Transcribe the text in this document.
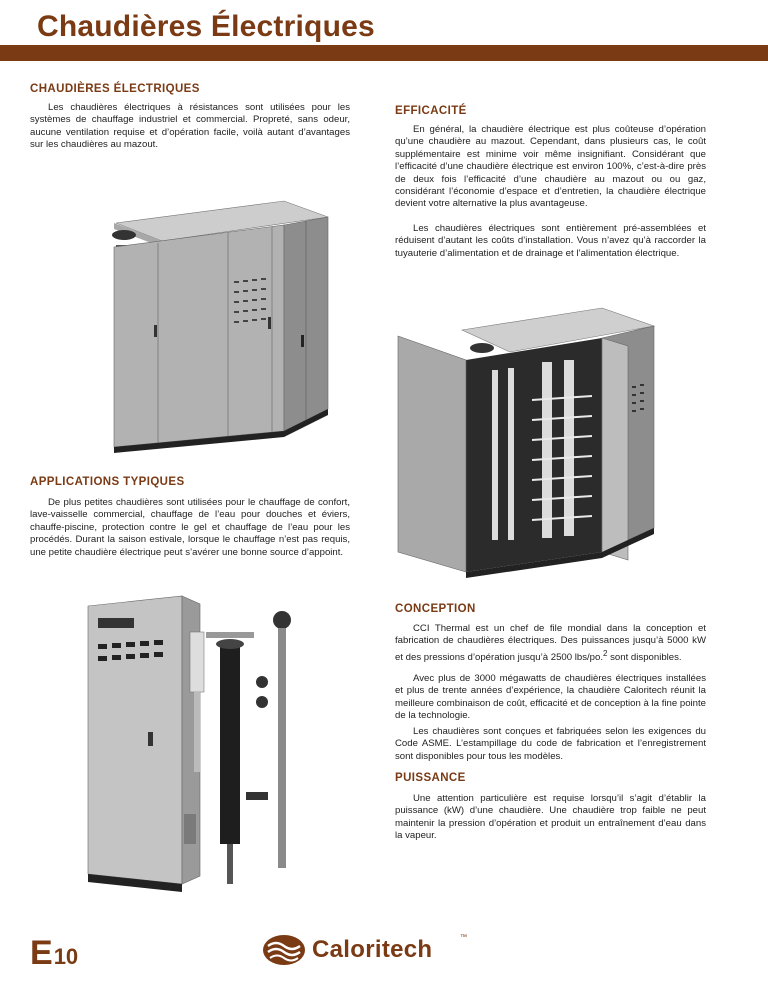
Chaudières Électriques
CHAUDIÈRES ÉLECTRIQUES

Les chaudières électriques à résistances sont utilisées pour les systèmes de chauffage industriel et commercial. Propreté, sans odeur, aucune ventilation requise et d’opération facile, voilà autant d’avantages sur les chaudières au mazout.

APPLICATIONS TYPIQUES

De plus petites chaudières sont utilisées pour le chauffage de confort, lave-vaisselle commercial, chauffage de l’eau pour douches et éviers, chauffe-piscine, protection contre le gel et chauffage de l’eau pour les procédés. Durant la saison estivale, lorsque le chauffage n’est pas requis, une petite chaudière électrique peut s’avérer une bonne source d’appoint.

EFFICACITÉ

En général, la chaudière électrique est plus coûteuse d’opération qu’une chaudière au mazout. Cependant, dans plusieurs cas, le coût supplémentaire est minime voir même insignifiant. Considérant que l’efficacité d’une chaudière électrique est environ 100%, c’est-à-dire près de deux fois l’efficacité d’une chaudière au mazout ou ou gaz, considérant l’économie d’espace et d’entretien, la chaudière électrique devient votre alternative la plus avantageuse.

Les chaudières électriques sont entièrement pré-assemblées et réduisent d’autant les coûts d’installation. Vous n’avez qu’à raccorder la tuyauterie d’alimentation et de drainage et l’alimentation électrique.

CONCEPTION

CCI Thermal est un chef de file mondial dans la conception et fabrication de chaudières électriques. Des puissances jusqu’à 5000 kW et des pressions d’opération jusqu’à 2500 lbs/po.$^2$ sont disponibles.

Avec plus de 3000 mégawatts de chaudières électriques installées et plus de trente années d’expérience, la chaudière Caloritech réunit la meilleure combinaison de coût, efficacité et de conception à la fine pointe de la technologie.

Les chaudières sont conçues et fabriquées selon les exigences du Code ASME. L’estampillage du code de fabrication et l’enregistrement sont disponibles pour tous les modèles.

PUISSANCE

Une attention particulière est requise lorsqu’il s’agit d’établir la puissance (kW) d’une chaudière. Une chaudière trop faible ne peut maintenir la pression d’opération et produit un entraînement d’eau dans la vapeur.

E10	Caloritech	™
